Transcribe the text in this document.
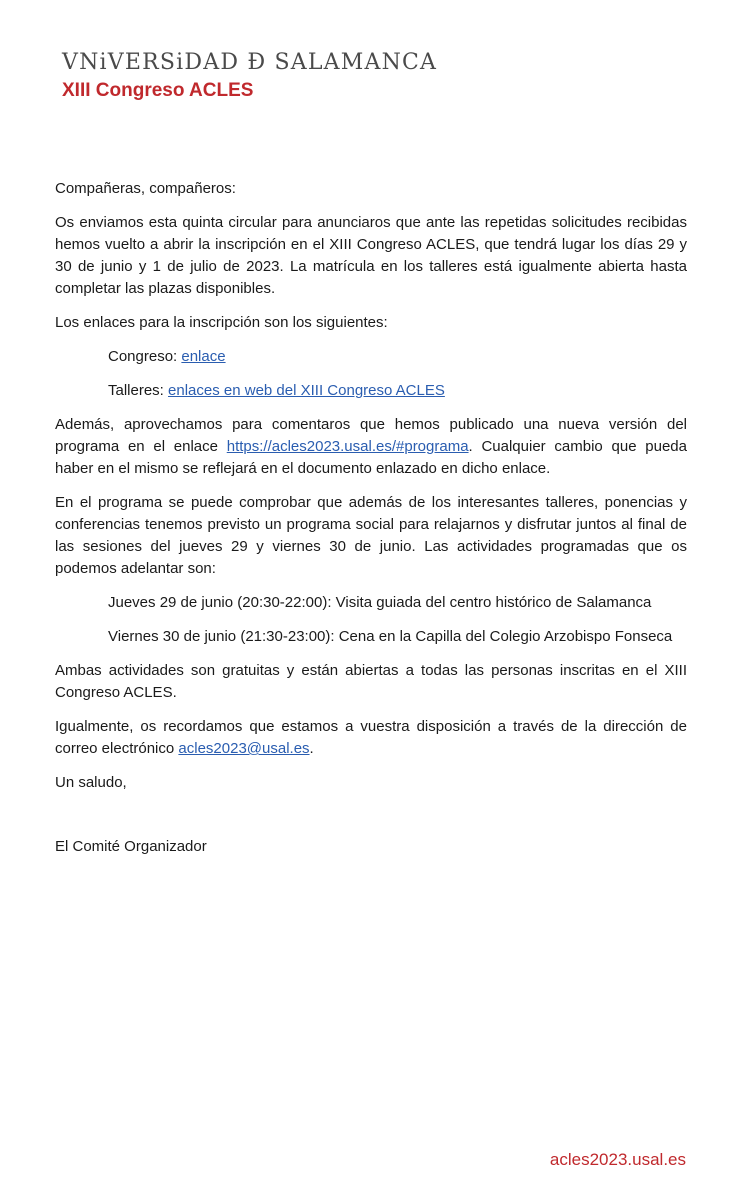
VNiVERSiDAD Ð SALAMANCA
XIII Congreso ACLES

Compañeras, compañeros:

Os enviamos esta quinta circular para anunciaros que ante las repetidas solicitudes recibidas hemos vuelto a abrir la inscripción en el XIII Congreso ACLES, que tendrá lugar los días 29 y 30 de junio y 1 de julio de 2023. La matrícula en los talleres está igualmente abierta hasta completar las plazas disponibles.

Los enlaces para la inscripción son los siguientes:

Congreso: enlace

Talleres: enlaces en web del XIII Congreso ACLES

Además, aprovechamos para comentaros que hemos publicado una nueva versión del programa en el enlace https://acles2023.usal.es/#programa. Cualquier cambio que pueda haber en el mismo se reflejará en el documento enlazado en dicho enlace.

En el programa se puede comprobar que además de los interesantes talleres, ponencias y conferencias tenemos previsto un programa social para relajarnos y disfrutar juntos al final de las sesiones del jueves 29 y viernes 30 de junio. Las actividades programadas que os podemos adelantar son:

Jueves 29 de junio (20:30-22:00): Visita guiada del centro histórico de Salamanca

Viernes 30 de junio (21:30-23:00): Cena en la Capilla del Colegio Arzobispo Fonseca

Ambas actividades son gratuitas y están abiertas a todas las personas inscritas en el XIII Congreso ACLES.

Igualmente, os recordamos que estamos a vuestra disposición a través de la dirección de correo electrónico acles2023@usal.es.

Un saludo,

El Comité Organizador

acles2023.usal.es
